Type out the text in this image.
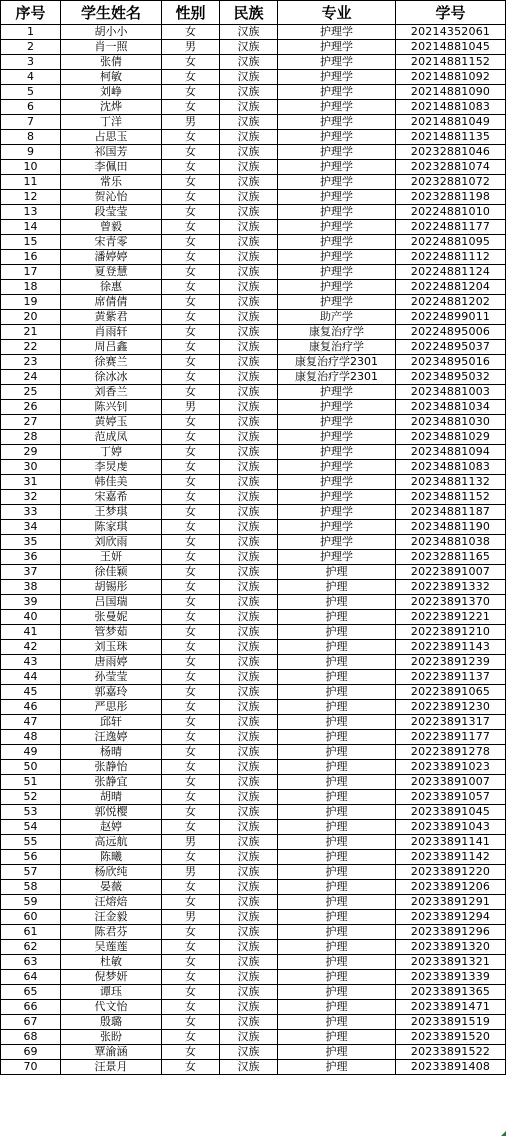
序号	学生姓名	性别	民族	专业	学号
1	胡小小	女	汉族	护理学	20214352061
2	肖一照	男	汉族	护理学	20214881045
3	张倩	女	汉族	护理学	20214881152
4	柯敏	女	汉族	护理学	20214881092
5	刘峥	女	汉族	护理学	20214881090
6	沈烨	女	汉族	护理学	20214881083
7	丁洋	男	汉族	护理学	20214881049
8	占思玉	女	汉族	护理学	20214881135
9	祁国芳	女	汉族	护理学	20232881046
10	李佩田	女	汉族	护理学	20232881074
11	常乐	女	汉族	护理学	20232881072
12	贺沁怡	女	汉族	护理学	20232881198
13	段莹莹	女	汉族	护理学	20224881010
14	曾毅	女	汉族	护理学	20224881177
15	宋青零	女	汉族	护理学	20224881095
16	潘婷婷	女	汉族	护理学	20224881112
17	夏登慧	女	汉族	护理学	20224881124
18	徐惠	女	汉族	护理学	20224881204
19	席倩倩	女	汉族	护理学	20224881202
20	黄紫君	女	汉族	助产学	20224899011
21	肖雨轩	女	汉族	康复治疗学	20224895006
22	周吕鑫	女	汉族	康复治疗学	20224895037
23	徐赛兰	女	汉族	康复治疗学2301	20234895016
24	徐冰冰	女	汉族	康复治疗学2301	20234895032
25	刘香兰	女	汉族	护理学	20234881003
26	陈兴钊	男	汉族	护理学	20234881034
27	黄婷玉	女	汉族	护理学	20234881030
28	范成凤	女	汉族	护理学	20234881029
29	丁婷	女	汉族	护理学	20234881094
30	李炅虔	女	汉族	护理学	20234881083
31	韩佳美	女	汉族	护理学	20234881132
32	宋嘉希	女	汉族	护理学	20234881152
33	王梦琪	女	汉族	护理学	20234881187
34	陈家琪	女	汉族	护理学	20234881190
35	刘欣雨	女	汉族	护理学	20234881038
36	王妍	女	汉族	护理学	20232881165
37	徐佳颖	女	汉族	护理	20223891007
38	胡锡彤	女	汉族	护理	20223891332
39	吕国瑞	女	汉族	护理	20223891370
40	张曼妮	女	汉族	护理	20223891221
41	管梦茹	女	汉族	护理	20223891210
42	刘玉珠	女	汉族	护理	20223891143
43	唐雨婷	女	汉族	护理	20223891239
44	孙莹莹	女	汉族	护理	20223891137
45	郭嘉玲	女	汉族	护理	20223891065
46	严思彤	女	汉族	护理	20223891230
47	邱轩	女	汉族	护理	20223891317
48	汪逸婷	女	汉族	护理	20223891177
49	杨晴	女	汉族	护理	20223891278
50	张静怡	女	汉族	护理	20233891023
51	张静宜	女	汉族	护理	20233891007
52	胡晴	女	汉族	护理	20233891057
53	郭悦樱	女	汉族	护理	20233891045
54	赵婷	女	汉族	护理	20233891043
55	高远航	男	汉族	护理	20233891141
56	陈曦	女	汉族	护理	20233891142
57	杨欣纯	男	汉族	护理	20233891220
58	晏薇	女	汉族	护理	20233891206
59	汪熔焙	女	汉族	护理	20233891291
60	汪金毅	男	汉族	护理	20233891294
61	陈君芬	女	汉族	护理	20233891296
62	吴莲莲	女	汉族	护理	20233891320
63	杜敏	女	汉族	护理	20233891321
64	倪梦妍	女	汉族	护理	20233891339
65	谭珏	女	汉族	护理	20233891365
66	代文怡	女	汉族	护理	20233891471
67	殷璐	女	汉族	护理	20233891519
68	张盼	女	汉族	护理	20233891520
69	覃渝涵	女	汉族	护理	20233891522
70	汪景月	女	汉族	护理	20233891408
